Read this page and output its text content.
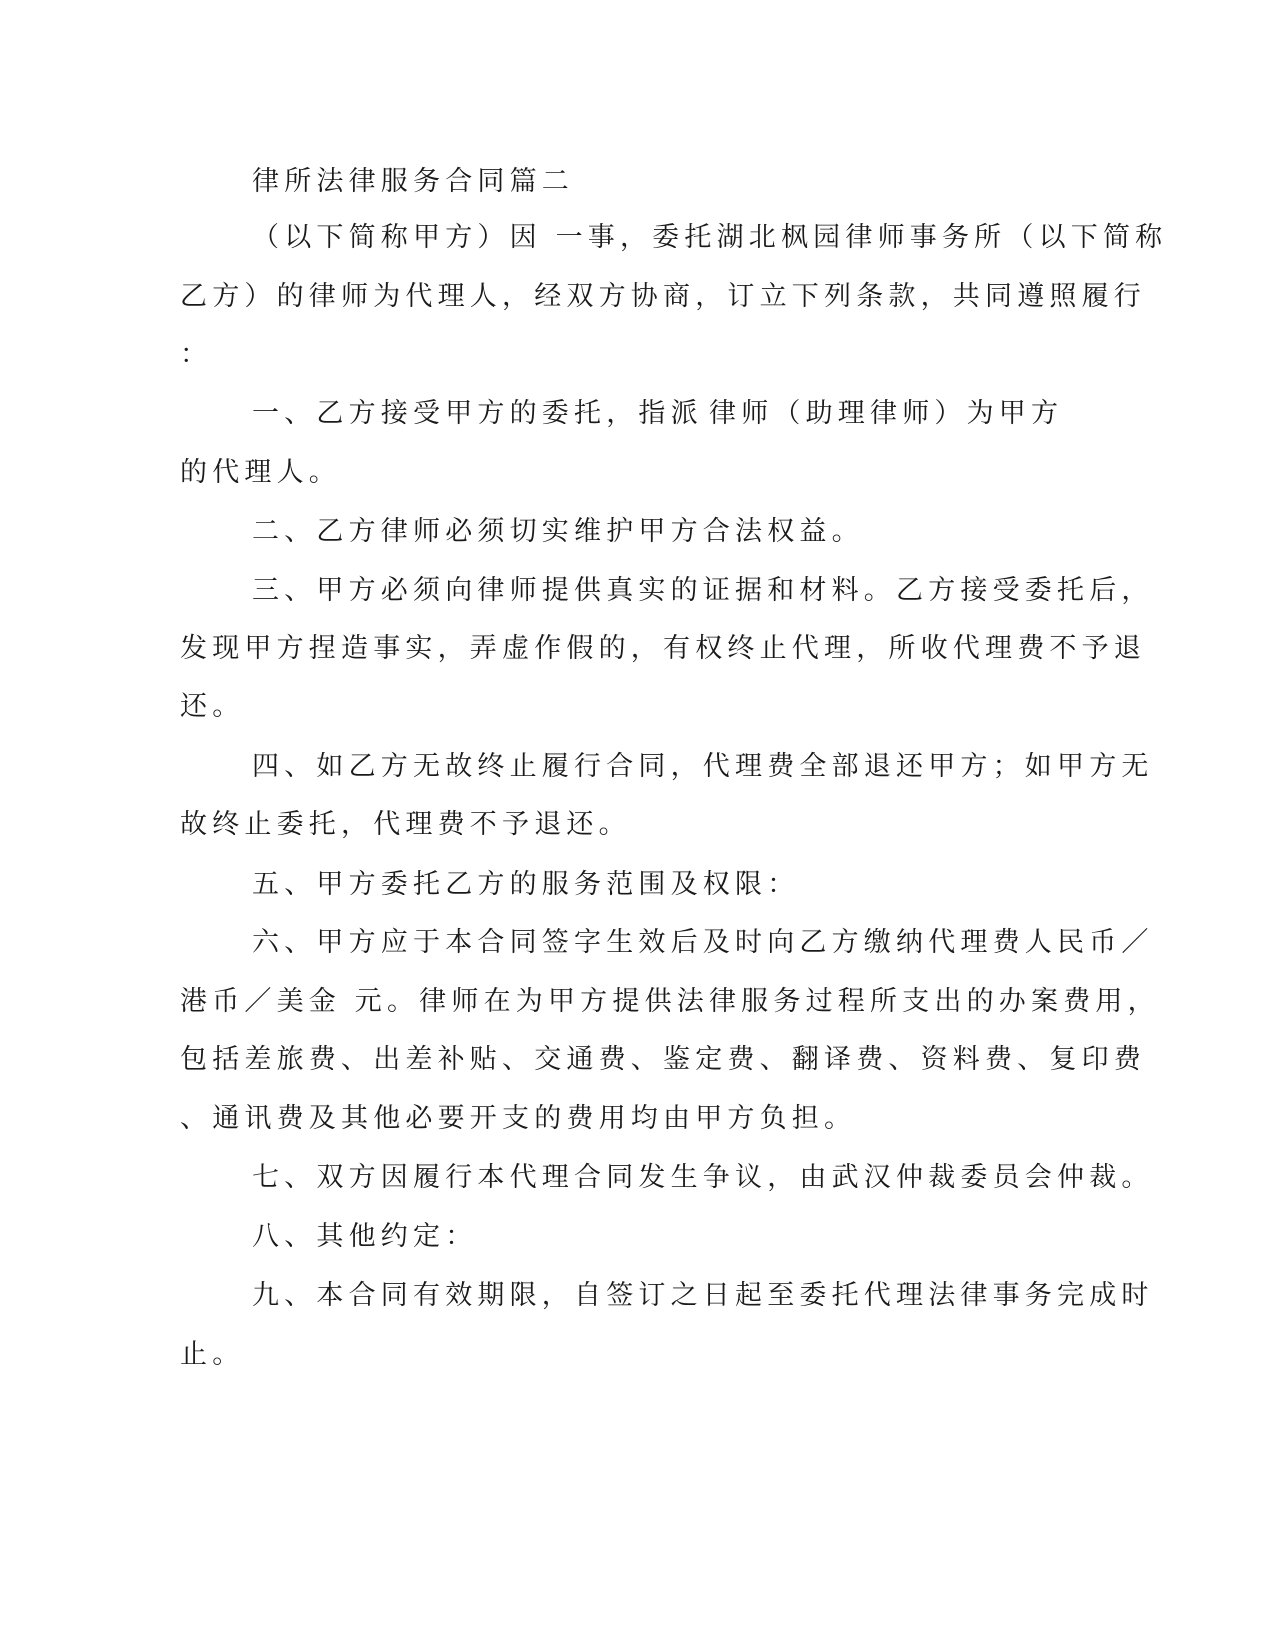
律所法律服务合同篇二

（以下简称甲方）因 一事，委托湖北枫园律师事务所（以下简称

乙方）的律师为代理人，经双方协商，订立下列条款，共同遵照履行

：

一、乙方接受甲方的委托，指派 律师（助理律师）为甲方

的代理人。

二、乙方律师必须切实维护甲方合法权益。

三、甲方必须向律师提供真实的证据和材料。乙方接受委托后，

发现甲方捏造事实，弄虚作假的，有权终止代理，所收代理费不予退

还。

四、如乙方无故终止履行合同，代理费全部退还甲方；如甲方无

故终止委托，代理费不予退还。

五、甲方委托乙方的服务范围及权限：

六、甲方应于本合同签字生效后及时向乙方缴纳代理费人民币／

港币／美金 元。律师在为甲方提供法律服务过程所支出的办案费用，

包括差旅费、出差补贴、交通费、鉴定费、翻译费、资料费、复印费

、通讯费及其他必要开支的费用均由甲方负担。

七、双方因履行本代理合同发生争议，由武汉仲裁委员会仲裁。

八、其他约定：

九、本合同有效期限，自签订之日起至委托代理法律事务完成时

止。
